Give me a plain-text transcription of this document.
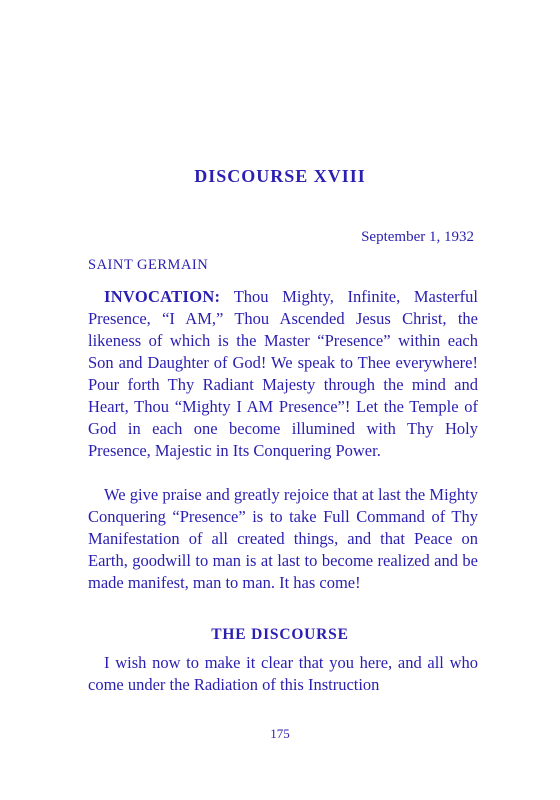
DISCOURSE XVIII
September 1, 1932
SAINT GERMAIN

INVOCATION: Thou Mighty, Infinite, Masterful Presence, “I AM,” Thou Ascended Jesus Christ, the likeness of which is the Master “Presence” within each Son and Daughter of God! We speak to Thee everywhere! Pour forth Thy Radiant Majesty through the mind and Heart, Thou “Mighty I AM Presence”! Let the Temple of God in each one become illumined with Thy Holy Presence, Majestic in Its Conquering Power.

We give praise and greatly rejoice that at last the Mighty Conquering “Presence” is to take Full Command of Thy Manifestation of all created things, and that Peace on Earth, goodwill to man is at last to become realized and be made manifest, man to man. It has come!

THE DISCOURSE

I wish now to make it clear that you here, and all who come under the Radiation of this Instruction

175
